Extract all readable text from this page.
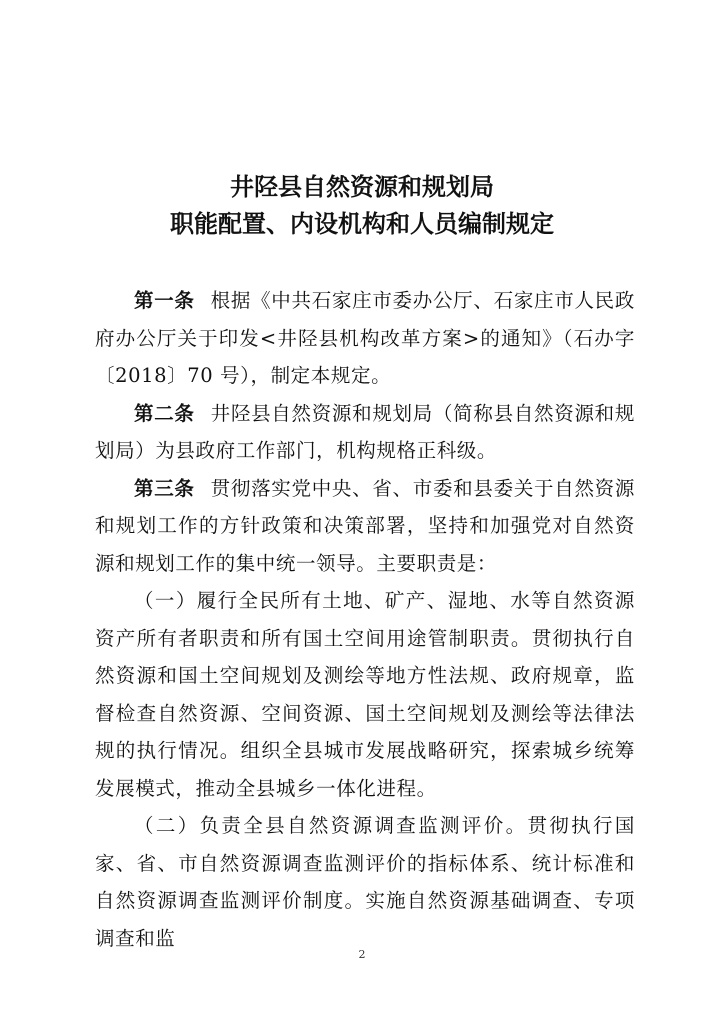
井陉县自然资源和规划局
职能配置、内设机构和人员编制规定

第一条 根据《中共石家庄市委办公厅、石家庄市人民政府办公厅关于印发<井陉县机构改革方案>的通知》（石办字〔2018〕70 号），制定本规定。

第二条 井陉县自然资源和规划局（简称县自然资源和规划局）为县政府工作部门，机构规格正科级。

第三条 贯彻落实党中央、省、市委和县委关于自然资源和规划工作的方针政策和决策部署，坚持和加强党对自然资源和规划工作的集中统一领导。主要职责是：

（一）履行全民所有土地、矿产、湿地、水等自然资源资产所有者职责和所有国土空间用途管制职责。贯彻执行自然资源和国土空间规划及测绘等地方性法规、政府规章，监督检查自然资源、空间资源、国土空间规划及测绘等法律法规的执行情况。组织全县城市发展战略研究，探索城乡统筹发展模式，推动全县城乡一体化进程。

（二）负责全县自然资源调查监测评价。贯彻执行国家、省、市自然资源调查监测评价的指标体系、统计标准和自然资源调查监测评价制度。实施自然资源基础调查、专项调查和监

2
